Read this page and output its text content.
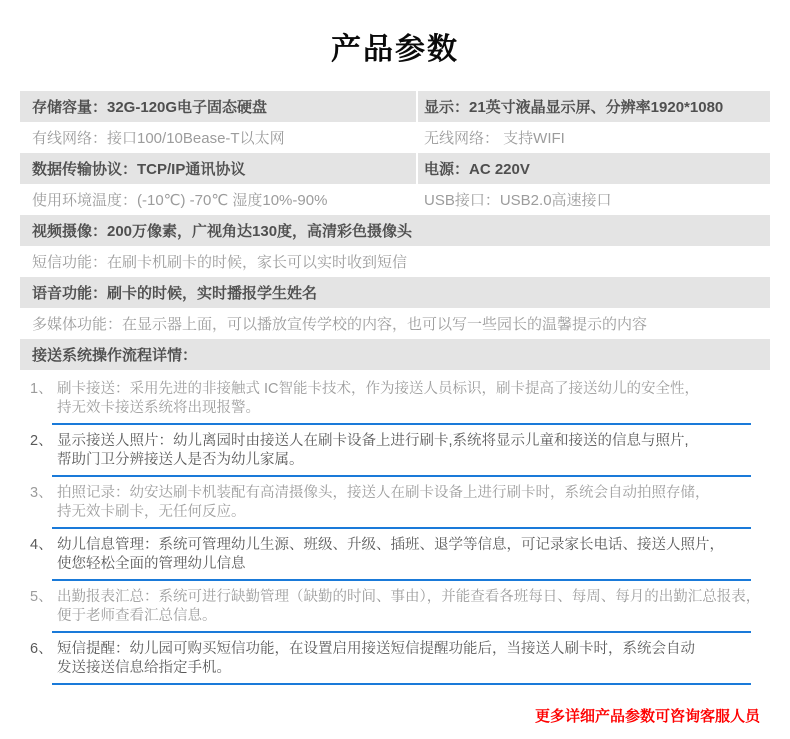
产品参数
存储容量：32G-120G电子固态硬盘	显示：21英寸液晶显示屏、分辨率1920*1080
有线网络：接口100/10Bease-T以太网	无线网络： 支持WIFI
数据传输协议：TCP/IP通讯协议	电源：AC 220V
使用环境温度：(-10℃) -70℃ 湿度10%-90%	USB接口：USB2.0高速接口
视频摄像：200万像素，广视角达130度，高清彩色摄像头
短信功能：在刷卡机刷卡的时候，家长可以实时收到短信
语音功能：刷卡的时候，实时播报学生姓名
多媒体功能：在显示器上面，可以播放宣传学校的内容，也可以写一些园长的温馨提示的内容
接送系统操作流程详情：
1、 刷卡接送：采用先进的非接触式 IC智能卡技术，作为接送人员标识，刷卡提高了接送幼儿的安全性，
持无效卡接送系统将出现报警。
2、 显示接送人照片：幼儿离园时由接送人在刷卡设备上进行刷卡,系统将显示儿童和接送的信息与照片,
帮助门卫分辨接送人是否为幼儿家属。
3、 拍照记录：幼安达刷卡机装配有高清摄像头，接送人在刷卡设备上进行刷卡时，系统会自动拍照存储，
持无效卡刷卡，无任何反应。
4、 幼儿信息管理：系统可管理幼儿生源、班级、升级、插班、退学等信息，可记录家长电话、接送人照片，
使您轻松全面的管理幼儿信息
5、 出勤报表汇总：系统可进行缺勤管理（缺勤的时间、事由），并能查看各班每日、每周、每月的出勤汇总报表，
便于老师查看汇总信息。
6、 短信提醒：幼儿园可购买短信功能，在设置启用接送短信提醒功能后，当接送人刷卡时，系统会自动
发送接送信息给指定手机。
更多详细产品参数可咨询客服人员
